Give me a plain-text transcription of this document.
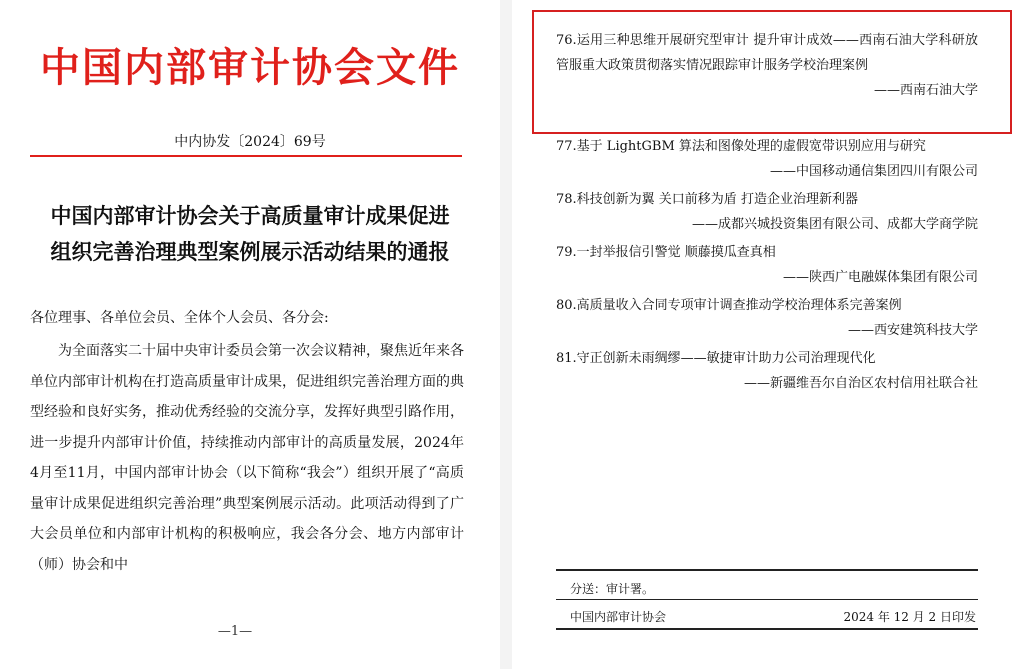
中国内部审计协会文件
中内协发〔2024〕69号
中国内部审计协会关于高质量审计成果促进
组织完善治理典型案例展示活动结果的通报
各位理事、各单位会员、全体个人会员、各分会:
为全面落实二十届中央审计委员会第一次会议精神，聚焦近年来各单位内部审计机构在打造高质量审计成果，促进组织完善治理方面的典型经验和良好实务，推动优秀经验的交流分享，发挥好典型引路作用，进一步提升内部审计价值，持续推动内部审计的高质量发展，2024年4月至11月，中国内部审计协会（以下简称“我会”）组织开展了“高质量审计成果促进组织完善治理”典型案例展示活动。此项活动得到了广大会员单位和内部审计机构的积极响应，我会各分会、地方内部审计（师）协会和中
—1—
76.运用三种思维开展研究型审计 提升审计成效——西南石油大学科研放管服重大政策贯彻落实情况跟踪审计服务学校治理案例
——西南石油大学
77.基于 LightGBM 算法和图像处理的虚假宽带识别应用与研究
——中国移动通信集团四川有限公司
78.科技创新为翼 关口前移为盾 打造企业治理新利器
——成都兴城投资集团有限公司、成都大学商学院
79.一封举报信引警觉 顺藤摸瓜查真相
——陕西广电融媒体集团有限公司
80.高质量收入合同专项审计调查推动学校治理体系完善案例
——西安建筑科技大学
81.守正创新未雨绸缪——敏捷审计助力公司治理现代化
——新疆维吾尔自治区农村信用社联合社
分送：审计署。
中国内部审计协会	2024 年 12 月 2 日印发
